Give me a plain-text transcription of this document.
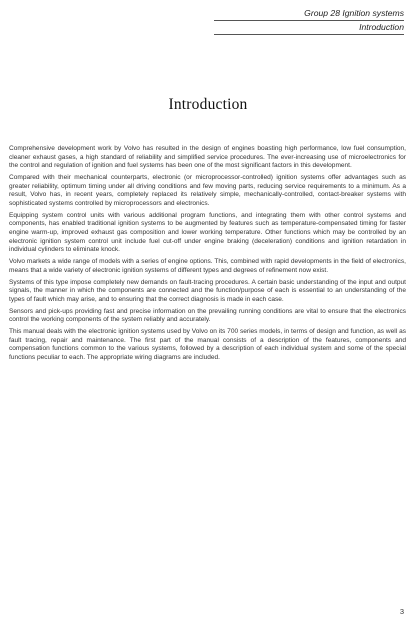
Group 28 Ignition systems
Introduction
Introduction

Comprehensive development work by Volvo has resulted in the design of engines boasting high performance, low fuel consumption, cleaner exhaust gases, a high standard of reliability and simplified service procedures. The ever-increasing use of microelectronics for the control and regulation of ignition and fuel systems has been one of the most significant factors in this development.

Compared with their mechanical counterparts, electronic (or microprocessor-controlled) ignition systems offer advantages such as greater reliability, optimum timing under all driving conditions and few moving parts, reducing service requirements to a minimum. As a result, Volvo has, in recent years, completely replaced its relatively simple, mechanically-controlled, contact-breaker systems with sophisticated systems controlled by microprocessors and electronics.

Equipping system control units with various additional program functions, and integrating them with other control systems and components, has enabled traditional ignition systems to be augmented by features such as temperature-compensated timing for faster engine warm-up, improved exhaust gas composition and lower working temperature. Other functions which may be controlled by an electronic ignition system control unit include fuel cut-off under engine braking (deceleration) conditions and ignition retardation in individual cylinders to eliminate knock.

Volvo markets a wide range of models with a series of engine options. This, combined with rapid developments in the field of electronics, means that a wide variety of electronic ignition systems of different types and degrees of refinement now exist.

Systems of this type impose completely new demands on fault-tracing procedures. A certain basic understanding of the input and output signals, the manner in which the components are connected and the function/purpose of each is essential to an understanding of the types of fault which may arise, and to ensuring that the correct diagnosis is made in each case.

Sensors and pick-ups providing fast and precise information on the prevailing running conditions are vital to ensure that the electronics control the working components of the system reliably and accurately.

This manual deals with the electronic ignition systems used by Volvo on its 700 series models, in terms of design and function, as well as fault tracing, repair and maintenance. The first part of the manual consists of a description of the features, components and compensation functions common to the various systems, followed by a description of each individual system and some of the special functions peculiar to each. The appropriate wiring diagrams are included.

3
